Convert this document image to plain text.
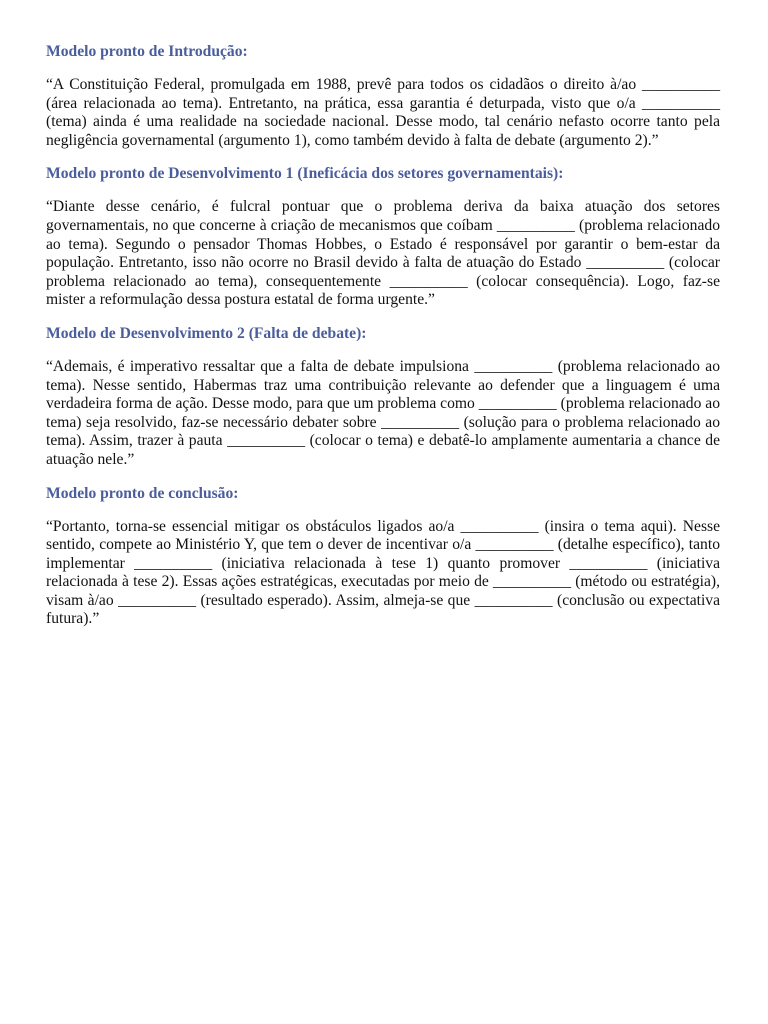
Modelo pronto de Introdução:

“A Constituição Federal, promulgada em 1988, prevê para todos os cidadãos o direito à/ao __________ (área relacionada ao tema). Entretanto, na prática, essa garantia é deturpada, visto que o/a __________ (tema) ainda é uma realidade na sociedade nacional. Desse modo, tal cenário nefasto ocorre tanto pela negligência governamental (argumento 1), como também devido à falta de debate (argumento 2).”

Modelo pronto de Desenvolvimento 1 (Ineficácia dos setores governamentais):

“Diante desse cenário, é fulcral pontuar que o problema deriva da baixa atuação dos setores governamentais, no que concerne à criação de mecanismos que coíbam __________ (problema relacionado ao tema). Segundo o pensador Thomas Hobbes, o Estado é responsável por garantir o bem-estar da população. Entretanto, isso não ocorre no Brasil devido à falta de atuação do Estado __________ (colocar problema relacionado ao tema), consequentemente __________ (colocar consequência). Logo, faz-se mister a reformulação dessa postura estatal de forma urgente.”

Modelo de Desenvolvimento 2 (Falta de debate):

“Ademais, é imperativo ressaltar que a falta de debate impulsiona __________ (problema relacionado ao tema). Nesse sentido, Habermas traz uma contribuição relevante ao defender que a linguagem é uma verdadeira forma de ação. Desse modo, para que um problema como __________ (problema relacionado ao tema) seja resolvido, faz-se necessário debater sobre __________ (solução para o problema relacionado ao tema). Assim, trazer à pauta __________ (colocar o tema) e debatê-lo amplamente aumentaria a chance de atuação nele.”

Modelo pronto de conclusão:

“Portanto, torna-se essencial mitigar os obstáculos ligados ao/a __________ (insira o tema aqui). Nesse sentido, compete ao Ministério Y, que tem o dever de incentivar o/a __________ (detalhe específico), tanto implementar __________ (iniciativa relacionada à tese 1) quanto promover __________ (iniciativa relacionada à tese 2). Essas ações estratégicas, executadas por meio de __________ (método ou estratégia), visam à/ao __________ (resultado esperado). Assim, almeja-se que __________ (conclusão ou expectativa futura).”
